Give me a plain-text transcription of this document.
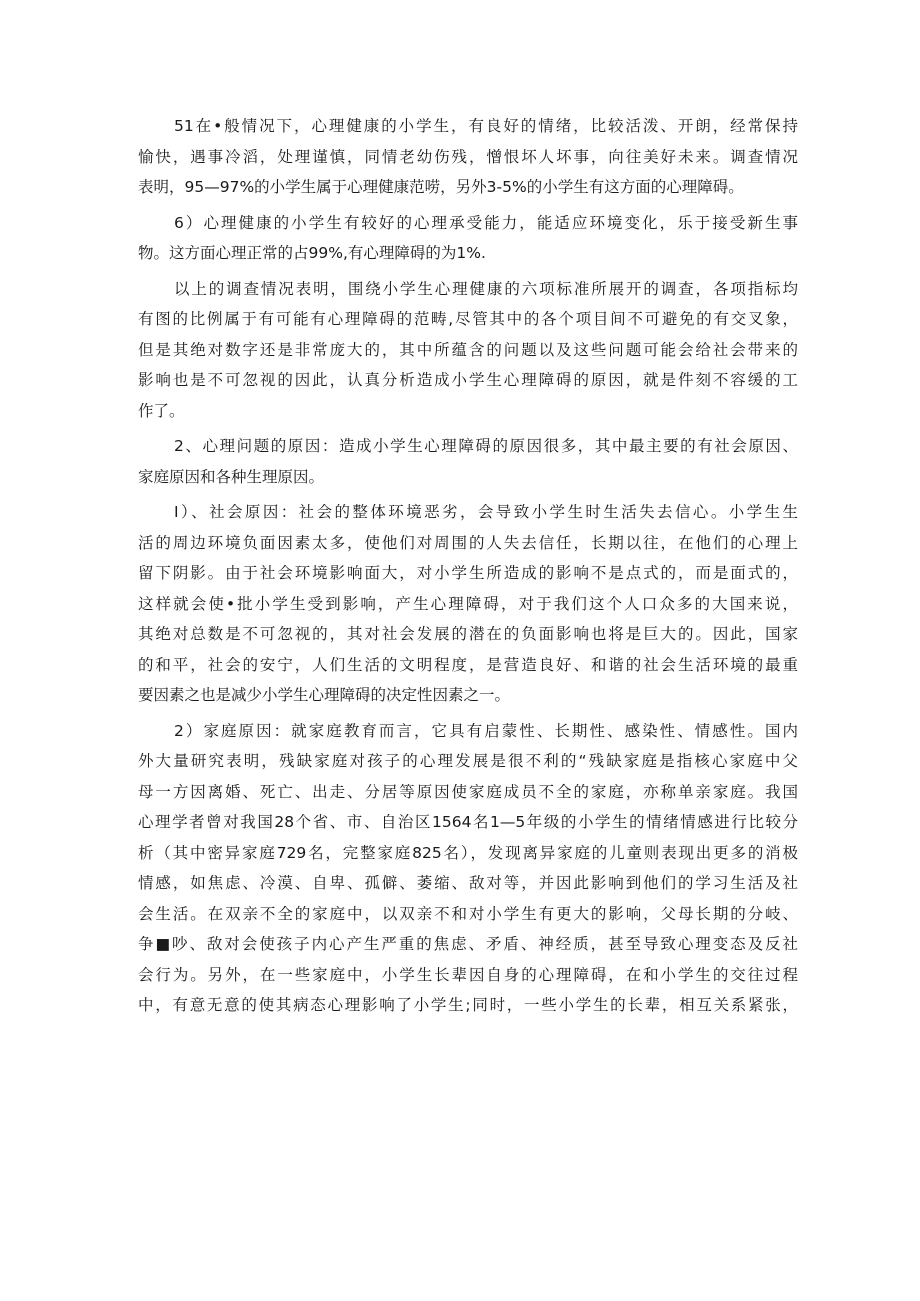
51在•般情况下，心理健康的小学生，有良好的情绪，比较活泼、开朗，经常保持
愉快，遇事冷滔，处理谨慎，同情老幼伤残，憎恨坏人坏事，向往美好未来。调查情况
表明，95—97%的小学生属于心理健康范唠，另外3-5%的小学生有这方面的心理障碍。
6）心理健康的小学生有较好的心理承受能力，能适应环境变化，乐于接受新生事
物。这方面心理正常的占99%,有心理障碍的为1%.
以上的调查情况表明，围绕小学生心理健康的六项标准所展开的调查，各项指标均
有图的比例属于有可能有心理障碍的范畴,尽管其中的各个项目间不可避免的有交叉象，
但是其绝对数字还是非常庞大的，其中所蕴含的问题以及这些问题可能会给社会带来的
影响也是不可忽视的因此，认真分析造成小学生心理障碍的原因，就是件刻不容缓的工
作了。
2、心理问题的原因：造成小学生心理障碍的原因很多，其中最主要的有社会原因、
家庭原因和各种生理原因。
I）、社会原因：社会的整体环境恶劣，会导致小学生时生活失去信心。小学生生
活的周边环境负面因素太多，使他们对周围的人失去信任，长期以往，在他们的心理上
留下阴影。由于社会环境影响面大，对小学生所造成的影响不是点式的，而是面式的，
这样就会使•批小学生受到影响，产生心理障碍，对于我们这个人口众多的大国来说，
其绝对总数是不可忽视的，其对社会发展的潜在的负面影响也将是巨大的。因此，国家
的和平，社会的安宁，人们生活的文明程度，是营造良好、和谐的社会生活环境的最重
要因素之也是减少小学生心理障碍的决定性因素之一。
2）家庭原因：就家庭教育而言，它具有启蒙性、长期性、感染性、情感性。国内
外大量研究表明，残缺家庭对孩子的心理发展是很不利的“残缺家庭是指核心家庭中父
母一方因离婚、死亡、出走、分居等原因使家庭成员不全的家庭，亦称单亲家庭。我国
心理学者曾对我国28个省、市、自治区1564名1—5年级的小学生的情绪情感进行比较分
析（其中密异家庭729名，完整家庭825名），发现离异家庭的儿童则表现出更多的消极
情感，如焦虑、冷漠、自卑、孤僻、萎缩、敌对等，并因此影响到他们的学习生活及社
会生活。在双亲不全的家庭中，以双亲不和对小学生有更大的影响，父母长期的分岐、
争■吵、敌对会使孩子内心产生严重的焦虑、矛盾、神经质，甚至导致心理变态及反社
会行为。另外，在一些家庭中，小学生长辈因自身的心理障碍，在和小学生的交往过程
中，有意无意的使其病态心理影响了小学生;同时，一些小学生的长辈，相互关系紧张，
